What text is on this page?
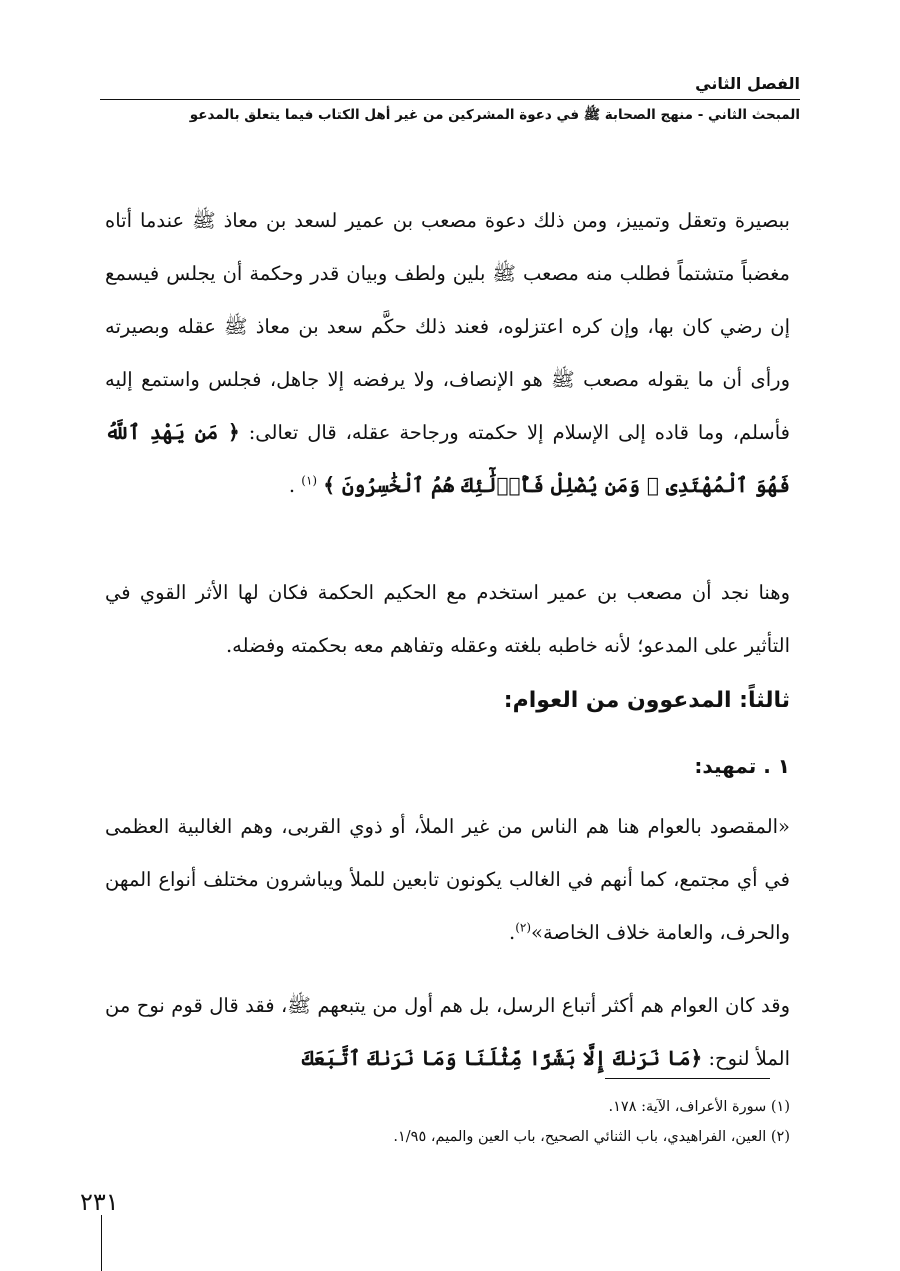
الفصل الثاني
المبحث الثاني - منهج الصحابة ﷺ في دعوة المشركين من غير أهل الكتاب فيما يتعلق بالمدعو

ببصيرة وتعقل وتمييز، ومن ذلك دعوة مصعب بن عمير لسعد بن معاذ ﷺ عندما أتاه مغضباً متشتماً فطلب منه مصعب ﷺ بلين ولطف وبيان قدر وحكمة أن يجلس فيسمع إن رضي كان بها، وإن كره اعتزلوه، فعند ذلك حكَّم سعد بن معاذ ﷺ عقله وبصيرته ورأى أن ما يقوله مصعب ﷺ هو الإنصاف، ولا يرفضه إلا جاهل، فجلس واستمع إليه فأسلم، وما قاده إلى الإسلام إلا حكمته ورجاحة عقله، قال تعالى: ﴿ مَن يَهْدِ ٱللَّهُ فَهُوَ ٱلْمُهْتَدِى ۖ وَمَن يُضْلِلْ فَأُو۟لَٰٓئِكَ هُمُ ٱلْخَٰسِرُونَ ﴾ $^{(١)}$ .

وهنا نجد أن مصعب بن عمير استخدم مع الحكيم الحكمة فكان لها الأثر القوي في التأثير على المدعو؛ لأنه خاطبه بلغته وعقله وتفاهم معه بحكمته وفضله.

ثالثاً: المدعوون من العوام:
١ . تمهيد:

«المقصود بالعوام هنا هم الناس من غير الملأ، أو ذوي القربى، وهم الغالبية العظمى في أي مجتمع، كما أنهم في الغالب يكونون تابعين للملأ ويباشرون مختلف أنواع المهن والحرف، والعامة خلاف الخاصة»$^{(٢)}$.

وقد كان العوام هم أكثر أتباع الرسل، بل هم أول من يتبعهم ﷺ، فقد قال قوم نوح من الملأ لنوح: ﴿مَا نَرَىٰكَ إِلَّا بَشَرًا مِّثْلَنَا وَمَا نَرَىٰكَ ٱتَّبَعَكَ

(١) سورة الأعراف، الآية: ١٧٨.

(٢) العين، الفراهيدي، باب الثنائي الصحيح، باب العين والميم، ١/٩٥.

٢٣١
